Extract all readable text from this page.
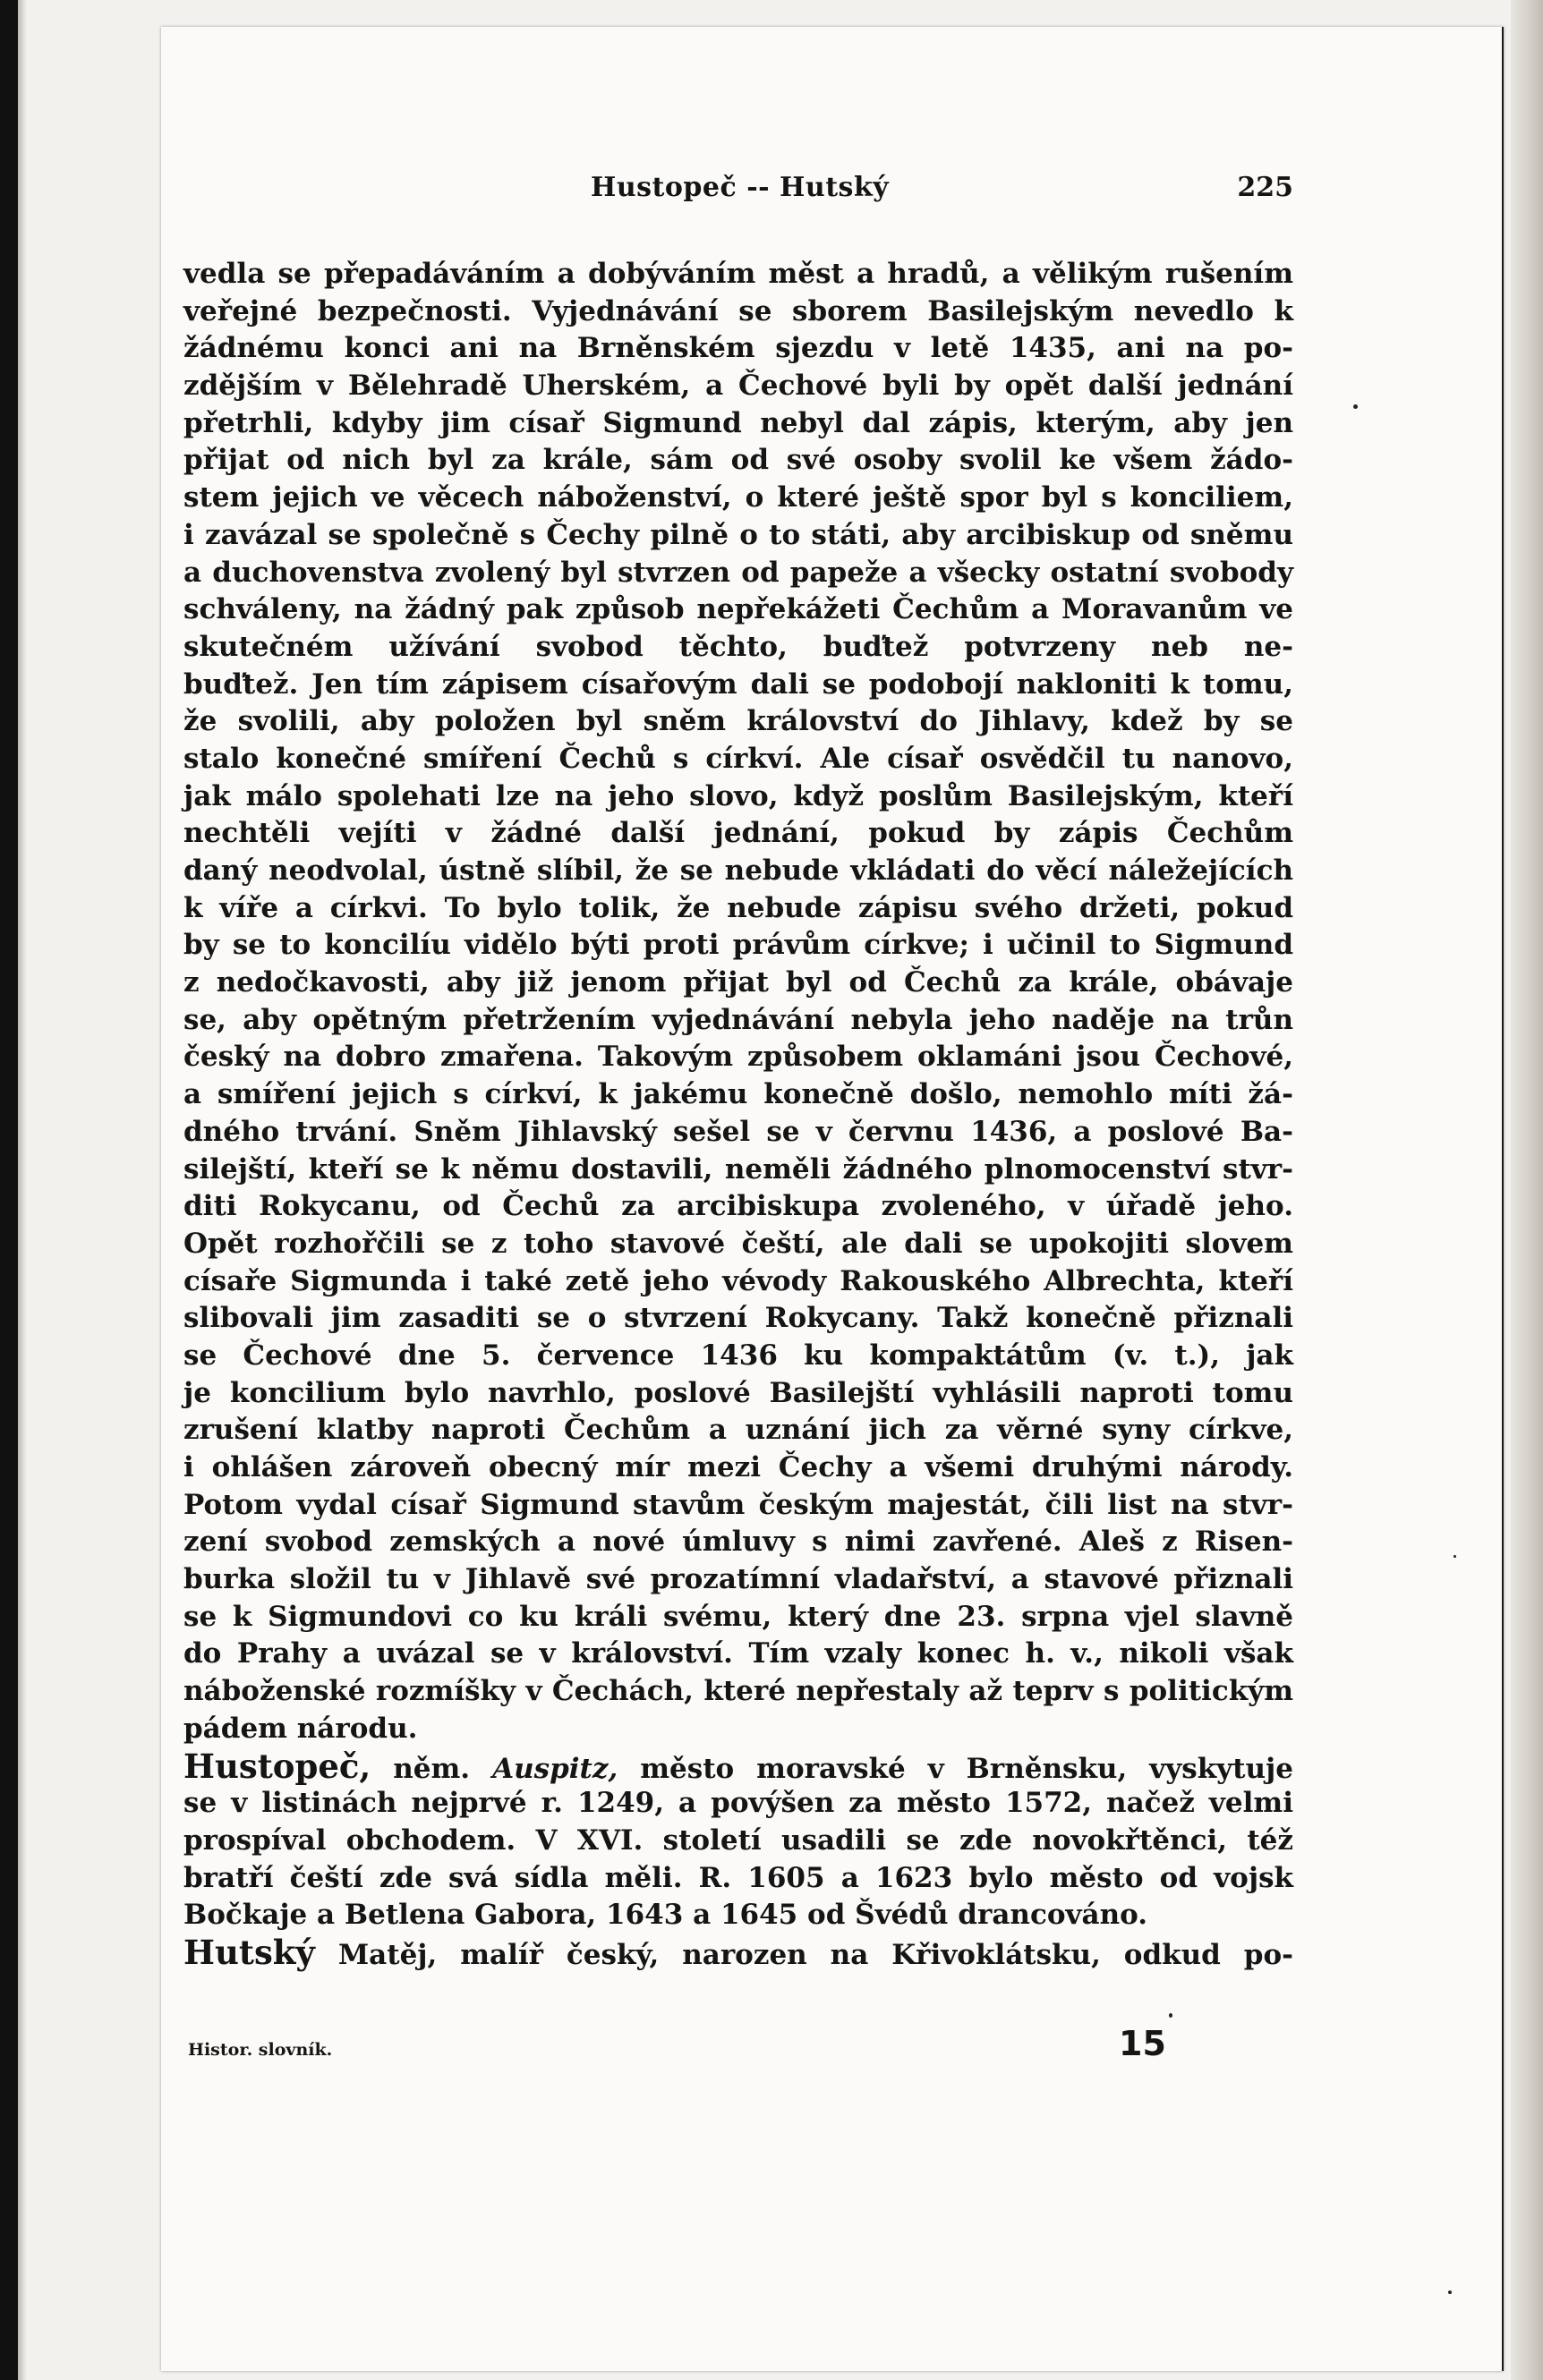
Hustopeč -- Hutský	225
vedla se přepadáváním a dobýváním měst a hradů, a vělikým rušením
veřejné bezpečnosti. Vyjednávání se sborem Basilejským nevedlo k
žádnému konci ani na Brněnském sjezdu v letě 1435, ani na po-
zdějším v Bělehradě Uherském, a Čechové byli by opět další jednání
přetrhli, kdyby jim císař Sigmund nebyl dal zápis, kterým, aby jen
přijat od nich byl za krále, sám od své osoby svolil ke všem žádo-
stem jejich ve věcech náboženství, o které ještě spor byl s konciliem,
i zavázal se společně s Čechy pilně o to státi, aby arcibiskup od sněmu
a duchovenstva zvolený byl stvrzen od papeže a všecky ostatní svobody
schváleny, na žádný pak způsob nepřekážeti Čechům a Moravanům ve
skutečném užívání svobod těchto, buďtež potvrzeny neb ne-
buďtež. Jen tím zápisem císařovým dali se podobojí nakloniti k tomu,
že svolili, aby položen byl sněm království do Jihlavy, kdež by se
stalo konečné smíření Čechů s církví. Ale císař osvědčil tu nanovo,
jak málo spolehati lze na jeho slovo, když poslům Basilejským, kteří
nechtěli vejíti v žádné další jednání, pokud by zápis Čechům
daný neodvolal, ústně slíbil, že se nebude vkládati do věcí náležejících
k víře a církvi. To bylo tolik, že nebude zápisu svého držeti, pokud
by se to koncilíu vidělo býti proti právům církve; i učinil to Sigmund
z nedočkavosti, aby již jenom přijat byl od Čechů za krále, obávaje
se, aby opětným přetržením vyjednávání nebyla jeho naděje na trůn
český na dobro zmařena. Takovým způsobem oklamáni jsou Čechové,
a smíření jejich s církví, k jakému konečně došlo, nemohlo míti žá-
dného trvání. Sněm Jihlavský sešel se v červnu 1436, a poslové Ba-
silejští, kteří se k němu dostavili, neměli žádného plnomocenství stvr-
diti Rokycanu, od Čechů za arcibiskupa zvoleného, v úřadě jeho.
Opět rozhořčili se z toho stavové čeští, ale dali se upokojiti slovem
císaře Sigmunda i také zetě jeho vévody Rakouského Albrechta, kteří
slibovali jim zasaditi se o stvrzení Rokycany. Takž konečně přiznali
se Čechové dne 5. července 1436 ku kompaktátům (v. t.), jak
je koncilium bylo navrhlo, poslové Basilejští vyhlásili naproti tomu
zrušení klatby naproti Čechům a uznání jich za věrné syny církve,
i ohlášen zároveň obecný mír mezi Čechy a všemi druhými národy.
Potom vydal císař Sigmund stavům českým majestát, čili list na stvr-
zení svobod zemských a nové úmluvy s nimi zavřené. Aleš z Risen-
burka složil tu v Jihlavě své prozatímní vladařství, a stavové přiznali
se k Sigmundovi co ku králi svému, který dne 23. srpna vjel slavně
do Prahy a uvázal se v království. Tím vzaly konec h. v., nikoli však
náboženské rozmíšky v Čechách, které nepřestaly až teprv s politickým
pádem národu.
Hustopeč, něm. Auspitz, město moravské v Brněnsku, vyskytuje
se v listinách nejprvé r. 1249, a povýšen za město 1572, načež velmi
prospíval obchodem. V XVI. století usadili se zde novokřtěnci, též
bratří čeští zde svá sídla měli. R. 1605 a 1623 bylo město od vojsk
Bočkaje a Betlena Gabora, 1643 a 1645 od Švédů drancováno.
Hutský Matěj, malíř český, narozen na Křivoklátsku, odkud po-
Histor. slovník.	15
